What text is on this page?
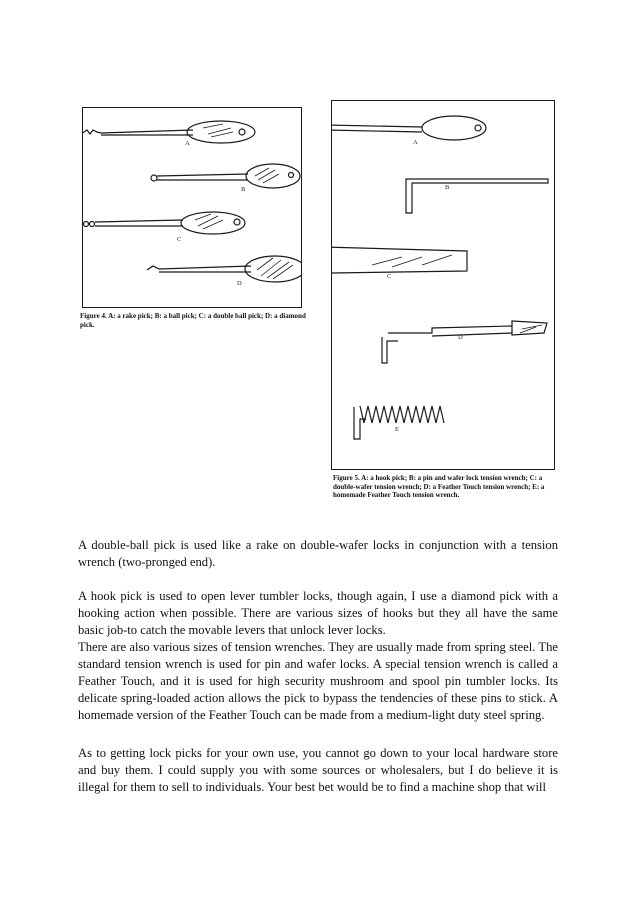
A
B
C
D
Figure 4. A: a rake pick; B: a ball pick; C: a double ball pick; D: a diamond pick.
A
B
C
D
E
Figure 5. A: a hook pick; B: a pin and wafer lock tension wrench; C: a double-wafer tension wrench; D: a Feather Touch tension wrench; E: a homemade Feather Touch tension wrench.

A double-ball pick is used like a rake on double-wafer locks in conjunction with a tension wrench (two-pronged end).

A hook pick is used to open lever tumbler locks, though again, I use a diamond pick with a hooking action when possible. There are various sizes of hooks but they all have the same basic job-to catch the movable levers that unlock lever locks.

There are also various sizes of tension wrenches. They are usually made from spring steel. The standard tension wrench is used for pin and wafer locks. A special tension wrench is called a Feather Touch, and it is used for high security mushroom and spool pin tumbler locks. Its delicate spring-loaded action allows the pick to bypass the tendencies of these pins to stick. A homemade version of the Feather Touch can be made from a medium-light duty steel spring.

As to getting lock picks for your own use, you cannot go down to your local hardware store and buy them. I could supply you with some sources or wholesalers, but I do believe it is illegal for them to sell to individuals. Your best bet would be to find a machine shop that will
